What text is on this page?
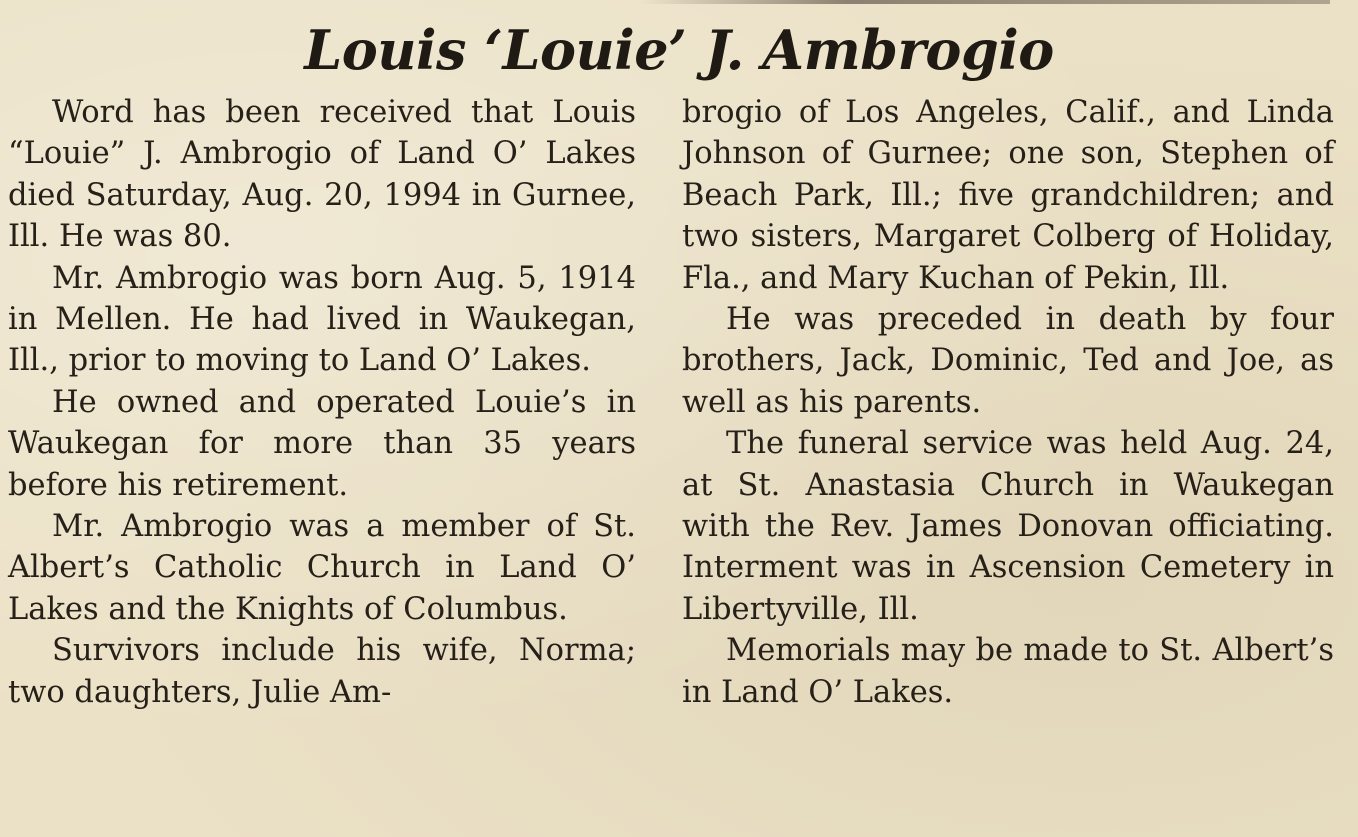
Louis ‘Louie’ J. Ambrogio

Word has been received that Louis “Louie” J. Ambrogio of Land O’ Lakes died Saturday, Aug. 20, 1994 in Gurnee, Ill. He was 80.

Mr. Ambrogio was born Aug. 5, 1914 in Mellen. He had lived in Waukegan, Ill., prior to moving to Land O’ Lakes.

He owned and operated Louie’s in Waukegan for more than 35 years before his retirement.

Mr. Ambrogio was a member of St. Albert’s Catholic Church in Land O’ Lakes and the Knights of Columbus.

Survivors include his wife, Norma; two daughters, Julie Am-

brogio of Los Angeles, Calif., and Linda Johnson of Gurnee; one son, Stephen of Beach Park, Ill.; five grandchildren; and two sisters, Margaret Colberg of Holiday, Fla., and Mary Kuchan of Pekin, Ill.

He was preceded in death by four brothers, Jack, Dominic, Ted and Joe, as well as his parents.

The funeral service was held Aug. 24, at St. Anastasia Church in Waukegan with the Rev. James Donovan officiating. Interment was in Ascension Cemetery in Libertyville, Ill.

Memorials may be made to St. Albert’s in Land O’ Lakes.
